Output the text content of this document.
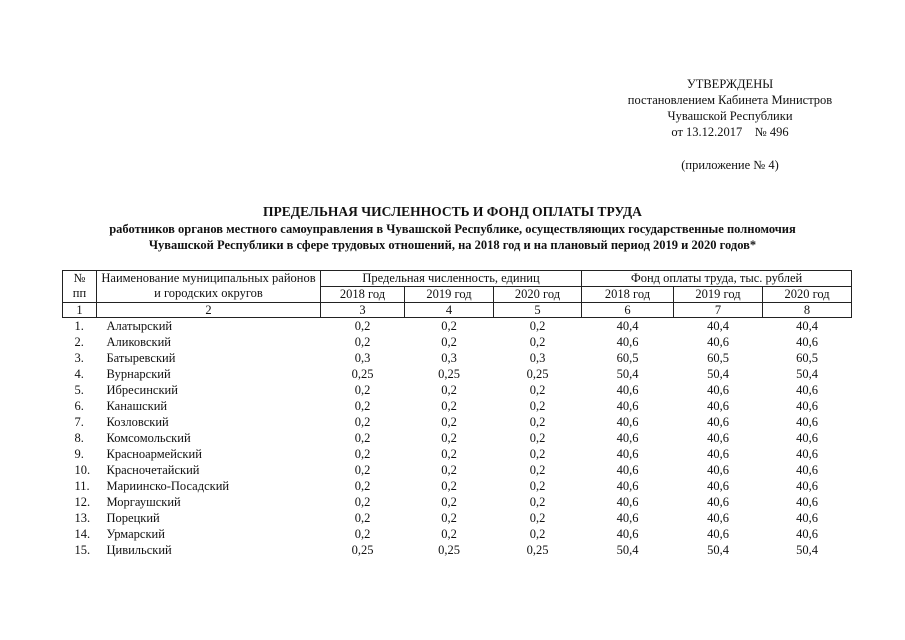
УТВЕРЖДЕНЫ
постановлением Кабинета Министров
Чувашской Республики
от 13.12.2017    № 496
(приложение № 4)
ПРЕДЕЛЬНАЯ ЧИСЛЕННОСТЬ И ФОНД ОПЛАТЫ ТРУДА
работников органов местного самоуправления в Чувашской Республике, осуществляющих государственные полномочия
Чувашской Республики в сфере трудовых отношений, на 2018 год и на плановый период 2019 и 2020 годов*
№
пп	Наименование муниципальных районов и городских округов	Предельная численность, единиц			Фонд оплаты труда, тыс. рублей		
		2018 год	2019 год	2020 год	2018 год	2019 год	2020 год
1	2	3	4	5	6	7	8
1.	Алатырский	0,2	0,2	0,2	40,4	40,4	40,4
2.	Аликовский	0,2	0,2	0,2	40,6	40,6	40,6
3.	Батыревский	0,3	0,3	0,3	60,5	60,5	60,5
4.	Вурнарский	0,25	0,25	0,25	50,4	50,4	50,4
5.	Ибресинский	0,2	0,2	0,2	40,6	40,6	40,6
6.	Канашский	0,2	0,2	0,2	40,6	40,6	40,6
7.	Козловский	0,2	0,2	0,2	40,6	40,6	40,6
8.	Комсомольский	0,2	0,2	0,2	40,6	40,6	40,6
9.	Красноармейский	0,2	0,2	0,2	40,6	40,6	40,6
10.	Красночетайский	0,2	0,2	0,2	40,6	40,6	40,6
11.	Мариинско-Посадский	0,2	0,2	0,2	40,6	40,6	40,6
12.	Моргаушский	0,2	0,2	0,2	40,6	40,6	40,6
13.	Порецкий	0,2	0,2	0,2	40,6	40,6	40,6
14.	Урмарский	0,2	0,2	0,2	40,6	40,6	40,6
15.	Цивильский	0,25	0,25	0,25	50,4	50,4	50,4
